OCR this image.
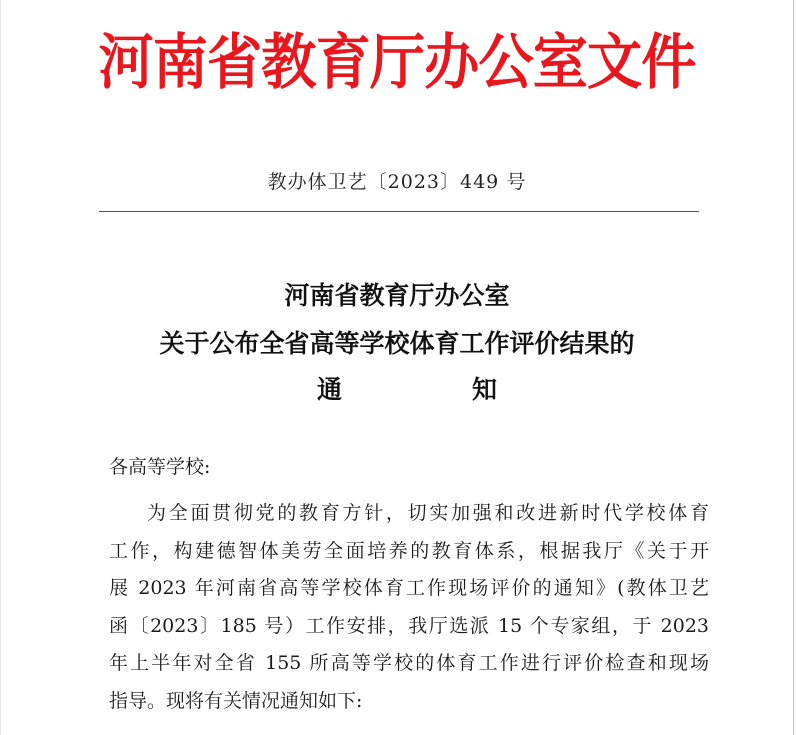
河南省教育厅办公室文件
教办体卫艺〔2023〕449 号
河南省教育厅办公室
关于公布全省高等学校体育工作评价结果的
通	知
各高等学校:
为全面贯彻党的教育方针，切实加强和改进新时代学校体育
工作，构建德智体美劳全面培养的教育体系，根据我厅《关于开
展 2023 年河南省高等学校体育工作现场评价的通知》(教体卫艺
函〔2023〕185 号）工作安排，我厅选派 15 个专家组，于 2023
年上半年对全省 155 所高等学校的体育工作进行评价检查和现场
指导。现将有关情况通知如下:
